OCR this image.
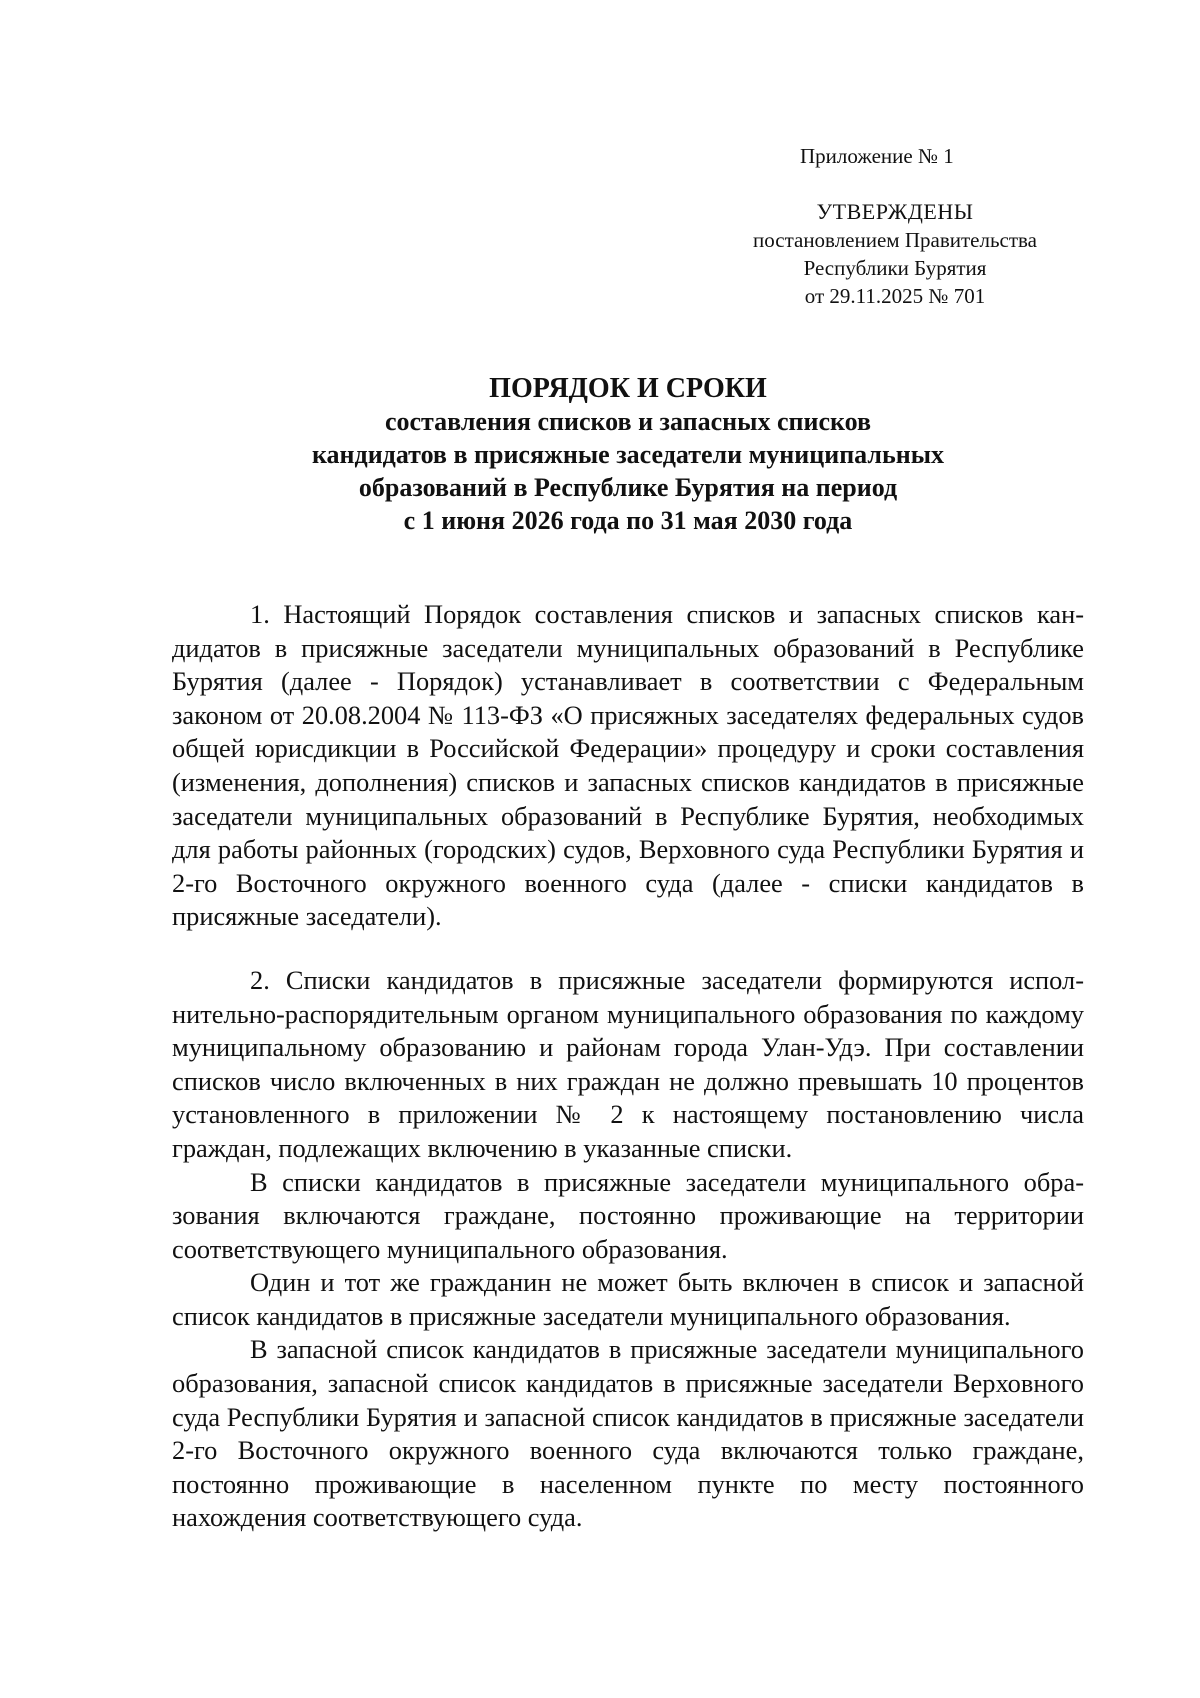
Приложение № 1
УТВЕРЖДЕНЫ
постановлением Правительства
Республики Бурятия
от 29.11.2025 № 701
ПОРЯДОК И СРОКИ
составления списков и запасных списков
кандидатов в присяжные заседатели муниципальных
образований в Республике Бурятия на период
с 1 июня 2026 года по 31 мая 2030 года

1. Настоящий Порядок составления списков и запасных списков кандидатов в присяжные заседатели муниципальных образований в Республике Бурятия (далее - Порядок) устанавливает в соответствии с Федеральным законом от 20.08.2004 № 113-ФЗ «О присяжных заседателях федеральных судов общей юрисдикции в Российской Федерации» процедуру и сроки составления (изменения, дополнения) списков и запасных списков кандидатов в присяжные заседатели муниципальных образований в Республике Бурятия, необходимых для работы районных (городских) судов, Верховного суда Республики Бурятия и 2-го Восточного окружного военного суда (далее - списки кандидатов в присяжные заседатели).

2. Списки кандидатов в присяжные заседатели формируются исполнительно-распорядительным органом муниципального образования по каждому муниципальному образованию и районам города Улан-Удэ. При составлении списков число включенных в них граждан не должно превышать 10 процентов установленного в приложении № 2 к настоящему постановлению числа граждан, подлежащих включению в указанные списки.

В списки кандидатов в присяжные заседатели муниципального образования включаются граждане, постоянно проживающие на территории соответствующего муниципального образования.

Один и тот же гражданин не может быть включен в список и запасной список кандидатов в присяжные заседатели муниципального образования.

В запасной список кандидатов в присяжные заседатели муниципального образования, запасной список кандидатов в присяжные заседатели Верховного суда Республики Бурятия и запасной список кандидатов в присяжные заседатели 2-го Восточного окружного военного суда включаются только граждане, постоянно проживающие в населенном пункте по месту постоянного нахождения соответствующего суда.
